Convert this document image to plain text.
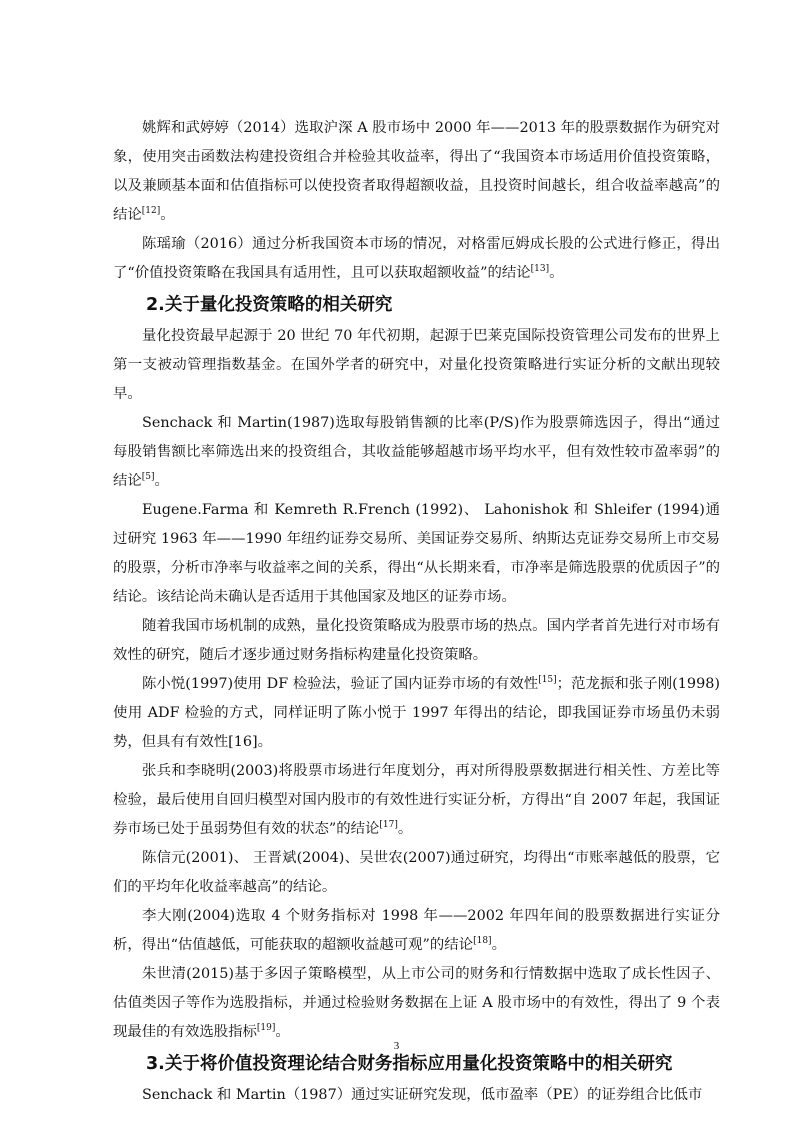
姚辉和武婷婷（2014）选取沪深 A 股市场中 2000 年——2013 年的股票数据作为研究对象，使用突击函数法构建投资组合并检验其收益率，得出了“我国资本市场适用价值投资策略，以及兼顾基本面和估值指标可以使投资者取得超额收益，且投资时间越长，组合收益率越高”的结论[12]。

陈瑶瑜（2016）通过分析我国资本市场的情况，对格雷厄姆成长股的公式进行修正，得出了“价值投资策略在我国具有适用性，且可以获取超额收益”的结论[13]。

2.关于量化投资策略的相关研究

量化投资最早起源于 20 世纪 70 年代初期，起源于巴莱克国际投资管理公司发布的世界上第一支被动管理指数基金。在国外学者的研究中，对量化投资策略进行实证分析的文献出现较早。

Senchack 和 Martin(1987)选取每股销售额的比率(P/S)作为股票筛选因子，得出“通过每股销售额比率筛选出来的投资组合，其收益能够超越市场平均水平，但有效性较市盈率弱”的结论[5]。

Eugene.Farma 和 Kemreth R.French (1992)、 Lahonishok 和 Shleifer (1994)通过研究 1963 年——1990 年纽约证券交易所、美国证券交易所、纳斯达克证券交易所上市交易的股票，分析市净率与收益率之间的关系，得出“从长期来看，市净率是筛选股票的优质因子”的结论。该结论尚未确认是否适用于其他国家及地区的证券市场。

随着我国市场机制的成熟，量化投资策略成为股票市场的热点。国内学者首先进行对市场有效性的研究，随后才逐步通过财务指标构建量化投资策略。

陈小悦(1997)使用 DF 检验法，验证了国内证券市场的有效性[15]；范龙振和张子刚(1998)使用 ADF 检验的方式，同样证明了陈小悦于 1997 年得出的结论，即我国证券市场虽仍未弱势，但具有有效性[16]。

张兵和李晓明(2003)将股票市场进行年度划分，再对所得股票数据进行相关性、方差比等检验，最后使用自回归模型对国内股市的有效性进行实证分析，方得出“自 2007 年起，我国证券市场已处于虽弱势但有效的状态”的结论[17]。

陈信元(2001)、 王晋斌(2004)、吴世农(2007)通过研究，均得出“市账率越低的股票，它们的平均年化收益率越高”的结论。

李大刚(2004)选取 4 个财务指标对 1998 年——2002 年四年间的股票数据进行实证分析，得出“估值越低，可能获取的超额收益越可观”的结论[18]。

朱世清(2015)基于多因子策略模型，从上市公司的财务和行情数据中选取了成长性因子、估值类因子等作为选股指标，并通过检验财务数据在上证 A 股市场中的有效性，得出了 9 个表现最佳的有效选股指标[19]。

3.关于将价值投资理论结合财务指标应用量化投资策略中的相关研究

Senchack 和 Martin（1987）通过实证研究发现，低市盈率（PE）的证券组合比低市

3
